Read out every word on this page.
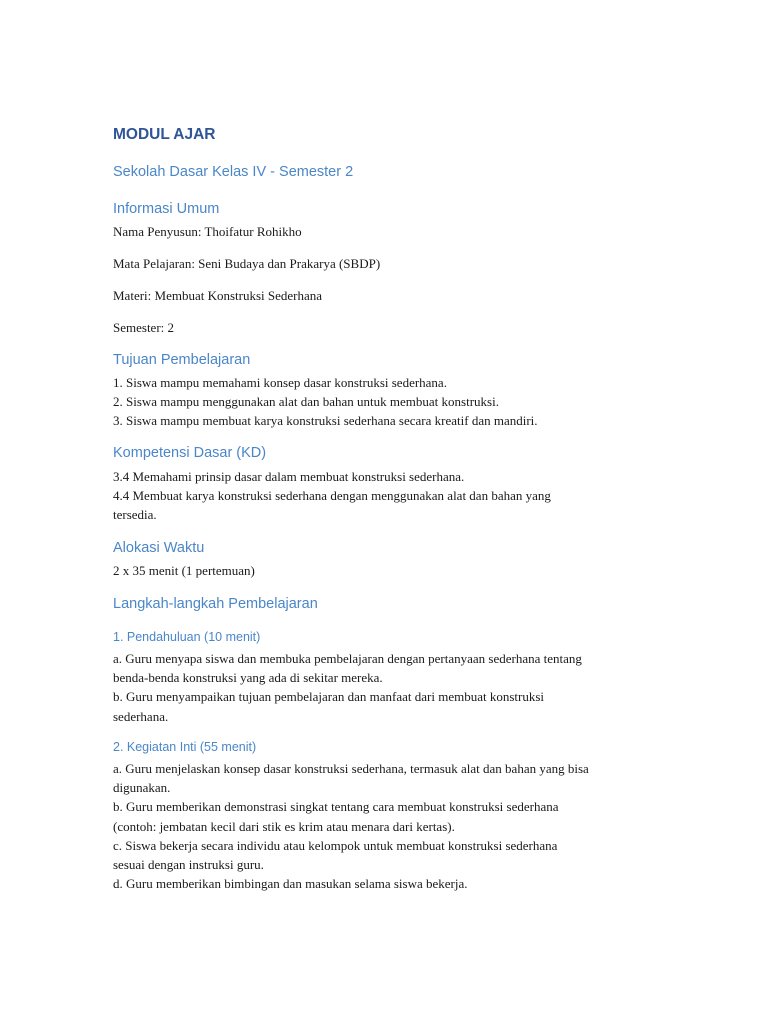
MODUL AJAR
Sekolah Dasar Kelas IV - Semester 2
Informasi Umum
Nama Penyusun: Thoifatur Rohikho
Mata Pelajaran: Seni Budaya dan Prakarya (SBDP)
Materi: Membuat Konstruksi Sederhana
Semester: 2
Tujuan Pembelajaran
1. Siswa mampu memahami konsep dasar konstruksi sederhana.
2. Siswa mampu menggunakan alat dan bahan untuk membuat konstruksi.
3. Siswa mampu membuat karya konstruksi sederhana secara kreatif dan mandiri.
Kompetensi Dasar (KD)
3.4 Memahami prinsip dasar dalam membuat konstruksi sederhana.
4.4 Membuat karya konstruksi sederhana dengan menggunakan alat dan bahan yang
tersedia.
Alokasi Waktu
2 x 35 menit (1 pertemuan)
Langkah-langkah Pembelajaran
1. Pendahuluan (10 menit)
a. Guru menyapa siswa dan membuka pembelajaran dengan pertanyaan sederhana tentang
benda-benda konstruksi yang ada di sekitar mereka.
b. Guru menyampaikan tujuan pembelajaran dan manfaat dari membuat konstruksi
sederhana.
2. Kegiatan Inti (55 menit)
a. Guru menjelaskan konsep dasar konstruksi sederhana, termasuk alat dan bahan yang bisa
digunakan.
b. Guru memberikan demonstrasi singkat tentang cara membuat konstruksi sederhana
(contoh: jembatan kecil dari stik es krim atau menara dari kertas).
c. Siswa bekerja secara individu atau kelompok untuk membuat konstruksi sederhana
sesuai dengan instruksi guru.
d. Guru memberikan bimbingan dan masukan selama siswa bekerja.
